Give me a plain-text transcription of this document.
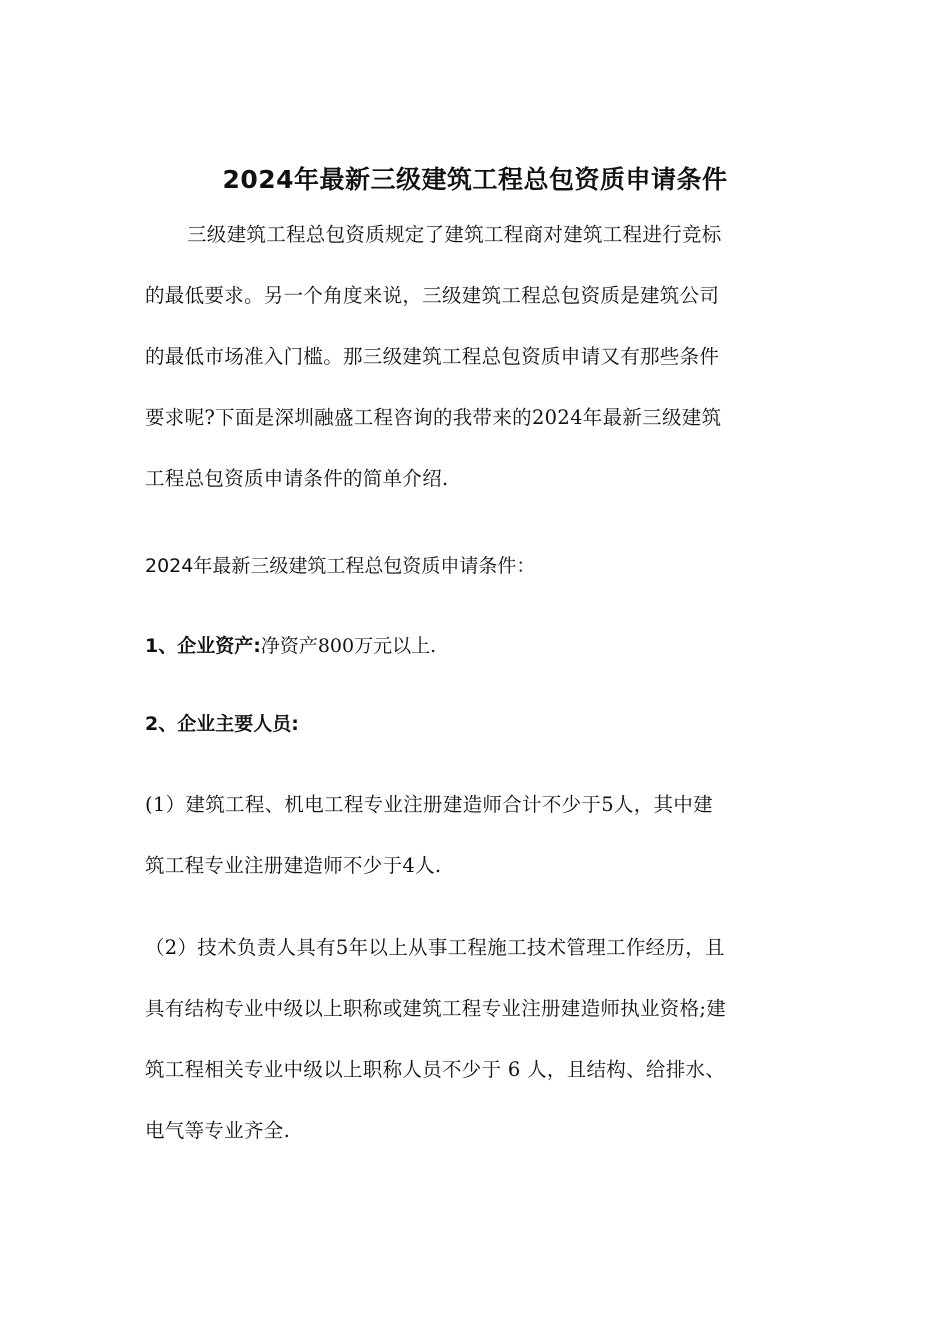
2024年最新三级建筑工程总包资质申请条件

三级建筑工程总包资质规定了建筑工程商对建筑工程进行竞标
的最低要求。另一个角度来说，三级建筑工程总包资质是建筑公司
的最低市场准入门槛。那三级建筑工程总包资质申请又有那些条件
要求呢?下面是深圳融盛工程咨询的我带来的2024年最新三级建筑
工程总包资质申请条件的简单介绍.

2024年最新三级建筑工程总包资质申请条件：
1、企业资产:净资产800万元以上.
2、企业主要人员:

(1）建筑工程、机电工程专业注册建造师合计不少于5人，其中建
筑工程专业注册建造师不少于4人.

（2）技术负责人具有5年以上从事工程施工技术管理工作经历，且
具有结构专业中级以上职称或建筑工程专业注册建造师执业资格;建
筑工程相关专业中级以上职称人员不少于 6 人，且结构、给排水、
电气等专业齐全.
